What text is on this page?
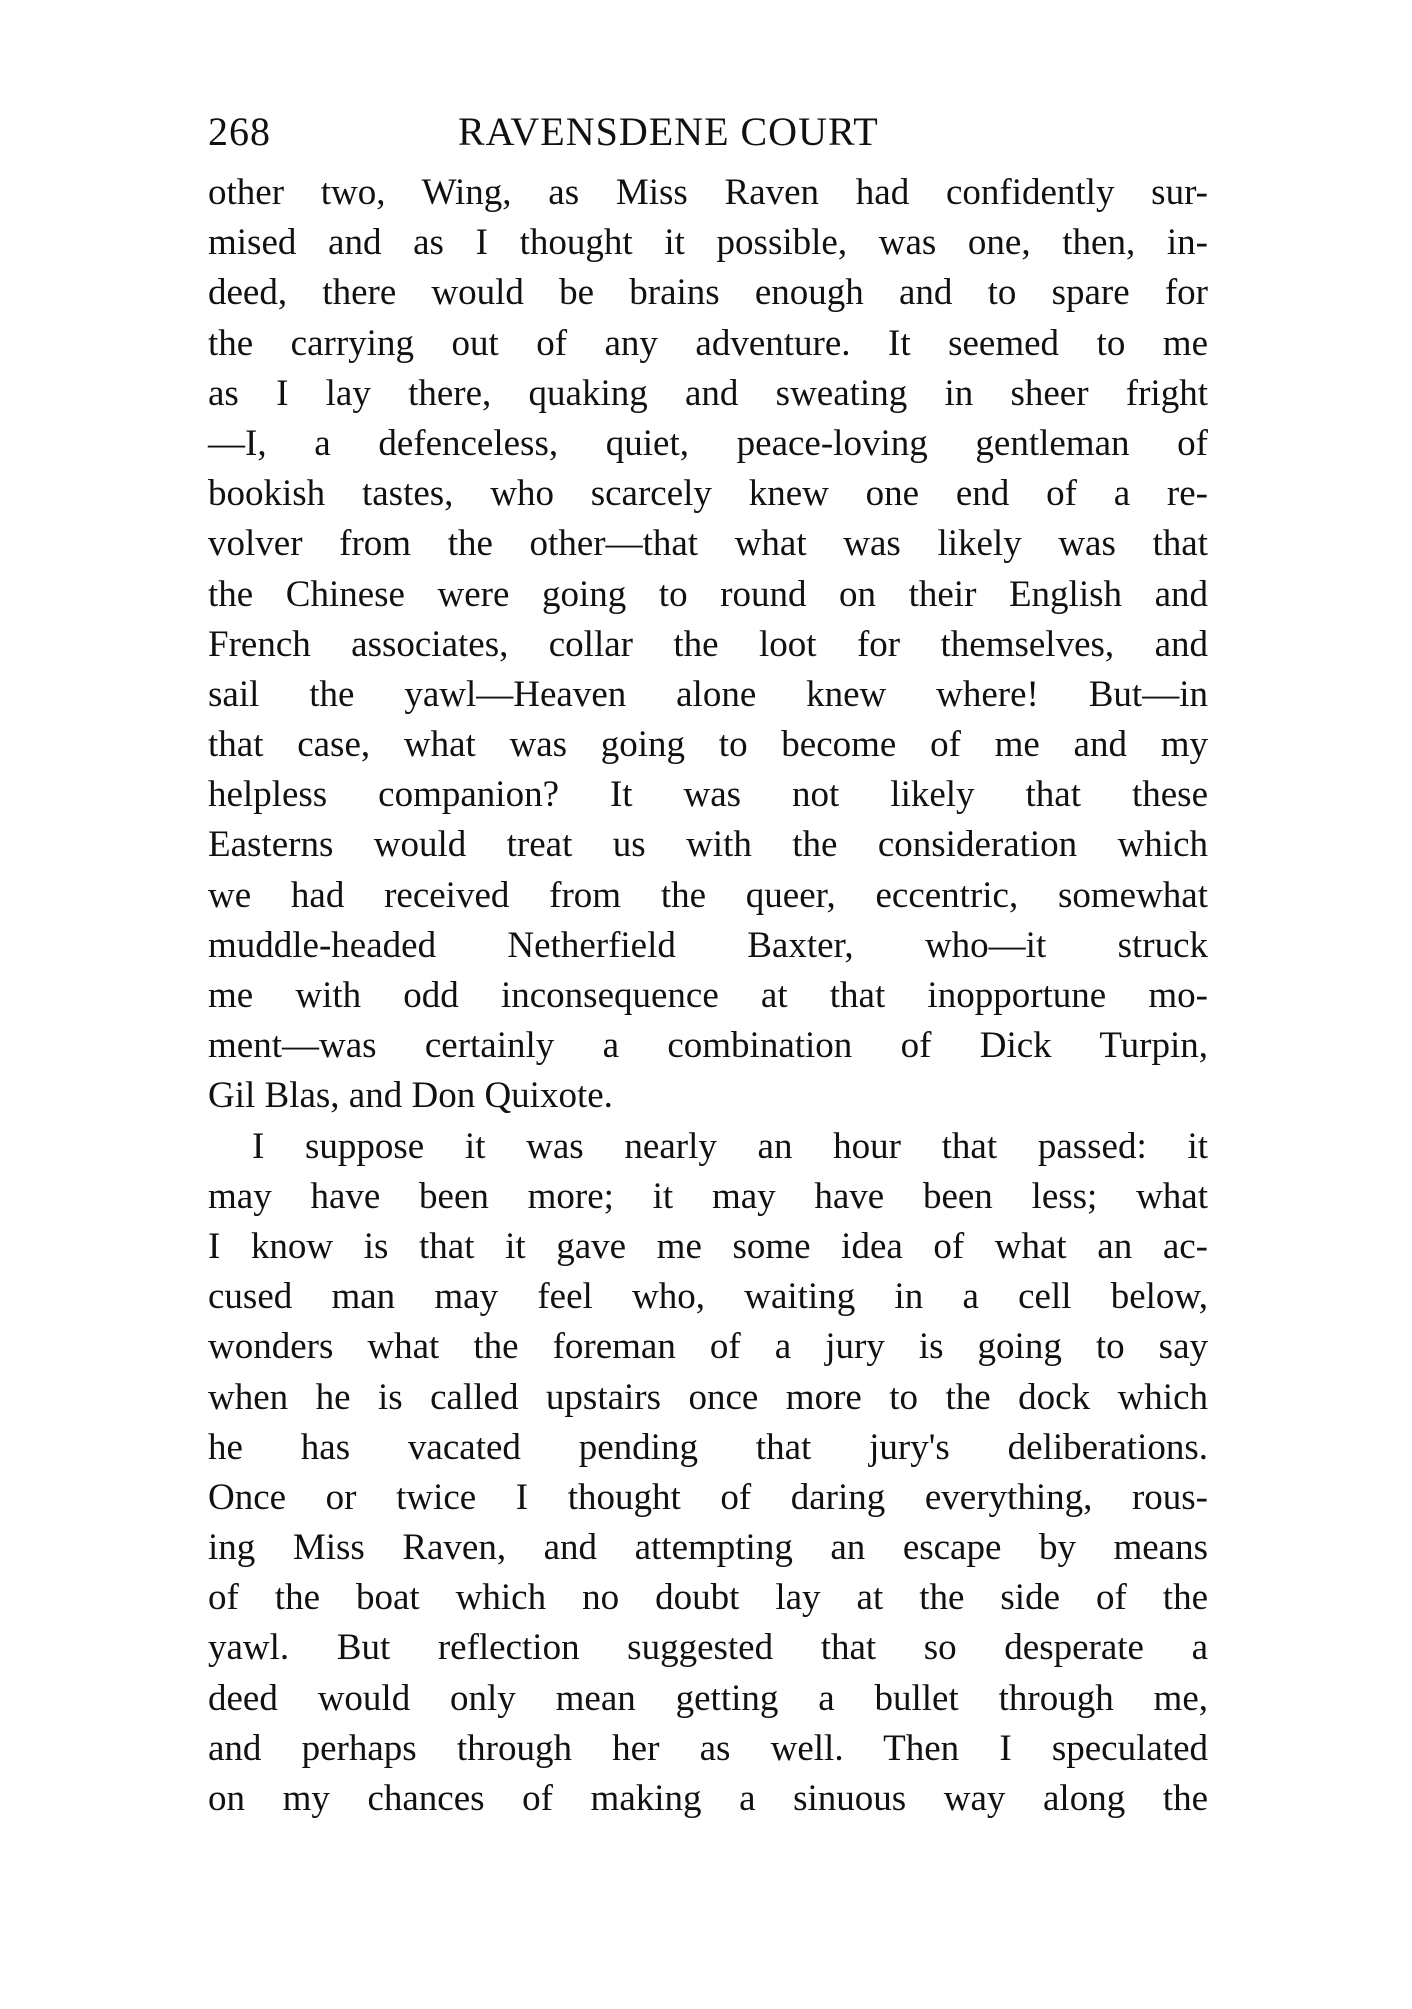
268	RAVENSDENE COURT
other two, Wing, as Miss Raven had confidently sur-
mised and as I thought it possible, was one, then, in-
deed, there would be brains enough and to spare for
the carrying out of any adventure. It seemed to me
as I lay there, quaking and sweating in sheer fright
—I, a defenceless, quiet, peace-loving gentleman of
bookish tastes, who scarcely knew one end of a re-
volver from the other—that what was likely was that
the Chinese were going to round on their English and
French associates, collar the loot for themselves, and
sail the yawl—Heaven alone knew where! But—in
that case, what was going to become of me and my
helpless companion? It was not likely that these
Easterns would treat us with the consideration which
we had received from the queer, eccentric, somewhat
muddle-headed Netherfield Baxter, who—it struck
me with odd inconsequence at that inopportune mo-
ment—was certainly a combination of Dick Turpin,
Gil Blas, and Don Quixote.
I suppose it was nearly an hour that passed: it
may have been more; it may have been less; what
I know is that it gave me some idea of what an ac-
cused man may feel who, waiting in a cell below,
wonders what the foreman of a jury is going to say
when he is called upstairs once more to the dock which
he has vacated pending that jury's deliberations.
Once or twice I thought of daring everything, rous-
ing Miss Raven, and attempting an escape by means
of the boat which no doubt lay at the side of the
yawl. But reflection suggested that so desperate a
deed would only mean getting a bullet through me,
and perhaps through her as well. Then I speculated
on my chances of making a sinuous way along the
